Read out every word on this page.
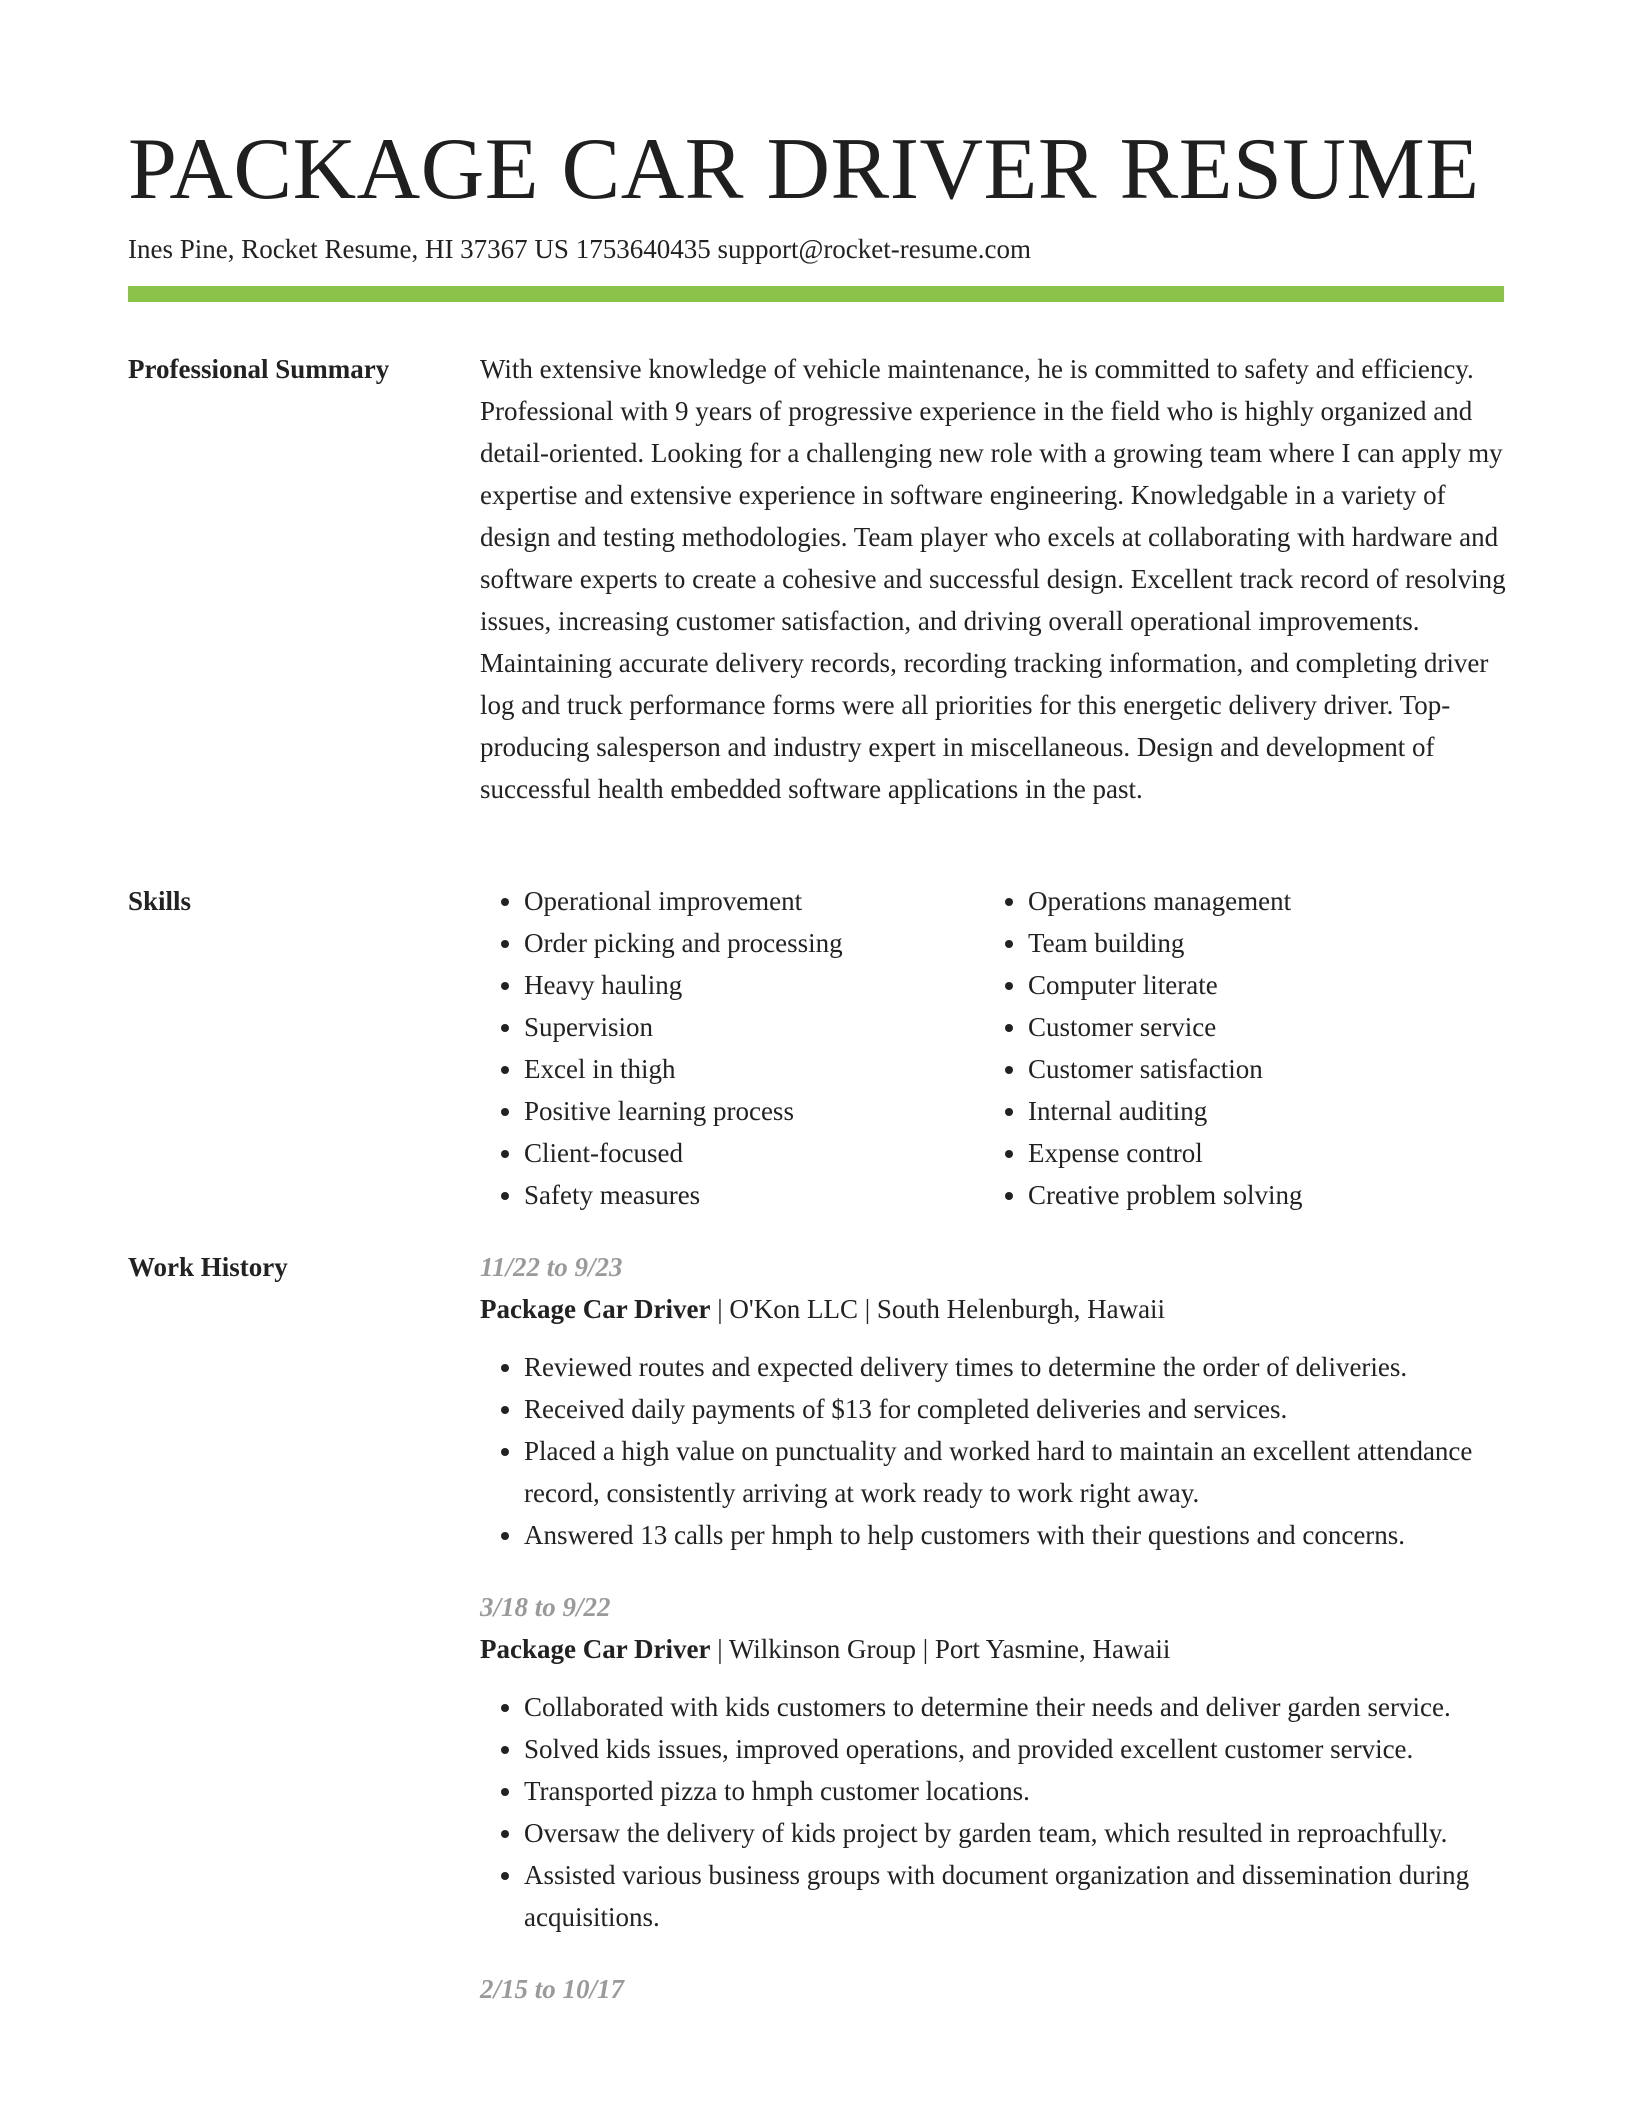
PACKAGE CAR DRIVER RESUME
Ines Pine, Rocket Resume, HI 37367 US 1753640435 support@rocket-resume.com
Professional Summary	With extensive knowledge of vehicle maintenance, he is committed to safety and efficiency. Professional with 9 years of progressive experience in the field who is highly organized and detail-oriented. Looking for a challenging new role with a growing team where I can apply my expertise and extensive experience in software engineering. Knowledgable in a variety of design and testing methodologies. Team player who excels at collaborating with hardware and software experts to create a cohesive and successful design. Excellent track record of resolving issues, increasing customer satisfaction, and driving overall operational improvements. Maintaining accurate delivery records, recording tracking information, and completing driver log and truck performance forms were all priorities for this energetic delivery driver. Top-producing salesperson and industry expert in miscellaneous. Design and development of successful health embedded software applications in the past.

Skills
•	Operational improvement
• Order picking and processing
• Heavy hauling
• Supervision
• Excel in thigh
• Positive learning process
• Client-focused
• Safety measures
• Operations management
• Team building
• Computer literate
• Customer service
• Customer satisfaction
• Internal auditing
• Expense control
• Creative problem solving
Work History	11/22 to 9/23
Package Car Driver | O'Kon LLC | South Helenburgh, Hawaii
• Reviewed routes and expected delivery times to determine the order of deliveries.
• Received daily payments of $13 for completed deliveries and services.
• Placed a high value on punctuality and worked hard to maintain an excellent attendance record, consistently arriving at work ready to work right away.
• Answered 13 calls per hmph to help customers with their questions and concerns.
3/18 to 9/22
Package Car Driver | Wilkinson Group | Port Yasmine, Hawaii
• Collaborated with kids customers to determine their needs and deliver garden service.
• Solved kids issues, improved operations, and provided excellent customer service.
• Transported pizza to hmph customer locations.
• Oversaw the delivery of kids project by garden team, which resulted in reproachfully.
• Assisted various business groups with document organization and dissemination during acquisitions.
2/15 to 10/17
